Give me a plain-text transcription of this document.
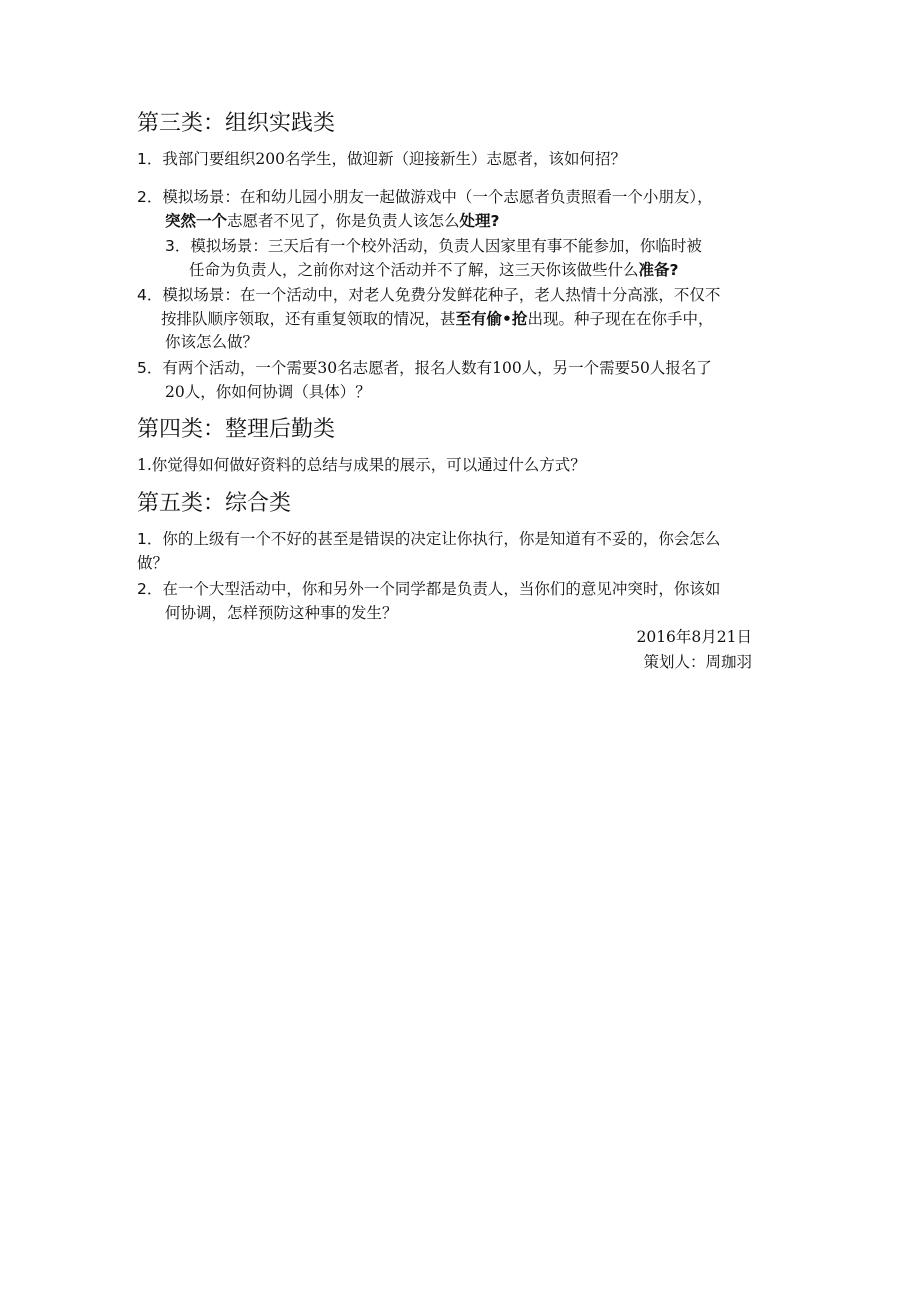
第三类：组织实践类
1．我部门要组织200名学生，做迎新（迎接新生）志愿者，该如何招？
2．模拟场景：在和幼儿园小朋友一起做游戏中（一个志愿者负责照看一个小朋友），
突然一个志愿者不见了，你是负责人该怎么处理?
3．模拟场景：三天后有一个校外活动，负责人因家里有事不能参加，你临时被
任命为负责人，之前你对这个活动并不了解，这三天你该做些什么准备?
4．模拟场景：在一个活动中，对老人免费分发鲜花种子，老人热情十分高涨，不仅不
按排队顺序领取，还有重复领取的情况，甚至有偷•抢出现。种子现在在你手中，
你该怎么做？
5．有两个活动，一个需要30名志愿者，报名人数有100人，另一个需要50人报名了
20人，你如何协调（具体）？
第四类：整理后勤类
1.你觉得如何做好资料的总结与成果的展示，可以通过什么方式？
第五类：综合类
1．你的上级有一个不好的甚至是错误的决定让你执行，你是知道有不妥的，你会怎么
做？
2．在一个大型活动中，你和另外一个同学都是负责人，当你们的意见冲突时，你该如
何协调，怎样预防这种事的发生？
2016年8月21日
策划人：周珈羽
